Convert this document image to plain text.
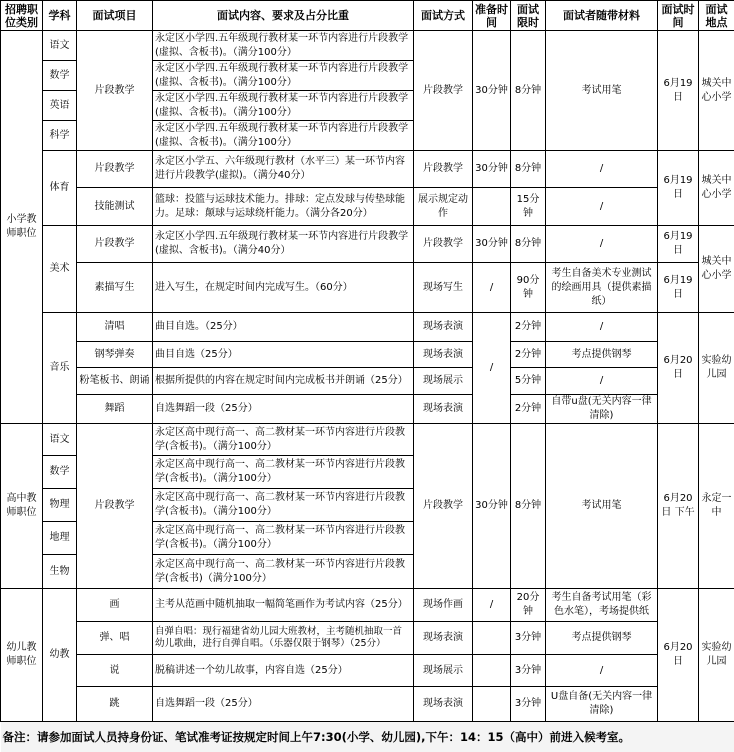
招聘职位类别	学科	面试项目	面试内容、要求及占分比重	面试方式	准备时间	面试限时	面试者随带材料	面试时间	面试地点
小学教师职位	语文	片段教学	永定区小学四.五年级现行教材某一环节内容进行片段教学(虚拟、含板书)。（满分100分）	片段教学	30分钟	8分钟	考试用笔	6月19日	城关中心小学
数学	永定区小学四.五年级现行教材某一环节内容进行片段教学(虚拟、含板书)。（满分100分）
英语	永定区小学四.五年级现行教材某一环节内容进行片段教学(虚拟、含板书)。（满分100分）
科学	永定区小学四.五年级现行教材某一环节内容进行片段教学(虚拟、含板书)。（满分100分）
体育	片段教学	永定区小学五、六年级现行教材（水平三）某一环节内容进行片段教学(虚拟)。（满分40分）	片段教学	30分钟	8分钟	/	6月19日	城关中心小学
技能测试	篮球：投篮与运球技术能力。排球：定点发球与传垫球能力。足球：颠球与运球绕杆能力。（满分各20分）	展示规定动作		15分钟	/
美术	片段教学	永定区小学四.五年级现行教材某一环节内容进行片段教学(虚拟、含板书)。（满分40分）	片段教学	30分钟	8分钟	/	6月19日	城关中心小学
素描写生	进入写生，在规定时间内完成写生。（60分）	现场写生	/	90分钟	考生自备美术专业测试的绘画用具（提供素描纸）	6月19日
音乐	清唱	曲目自选。（25分）	现场表演	/	2分钟	/	6月20日	实验幼儿园
钢琴弹奏	曲目自选（25分）	现场表演	2分钟	考点提供钢琴
粉笔板书、朗诵	根据所提供的内容在规定时间内完成板书并朗诵（25分）	现场展示	5分钟	/
舞蹈	自选舞蹈一段（25分）	现场表演	2分钟	自带u盘(无关内容一律清除)
高中教师职位	语文	片段教学	永定区高中现行高一、高二教材某一环节内容进行片段教学(含板书)。（满分100分）	片段教学	30分钟	8分钟	考试用笔	6月20日 下午	永定一中
数学	永定区高中现行高一、高二教材某一环节内容进行片段教学(含板书)。（满分100分）
物理	永定区高中现行高一、高二教材某一环节内容进行片段教学(含板书)。（满分100分）
地理	永定区高中现行高一、高二教材某一环节内容进行片段教学(含板书)。（满分100分）
生物	永定区高中现行高一、高二教材某一环节内容进行片段教学(含板书)（满分100分）
幼儿教师职位	幼教	画	主考从范画中随机抽取一幅简笔画作为考试内容（25分）	现场作画	/	20分钟	考生自备考试用笔（彩色水笔），考场提供纸	6月20日	实验幼儿园
弹、唱	自弹自唱：现行福建省幼儿园大班教材，主考随机抽取一首幼儿歌曲，进行自弹自唱。（乐器仅限于钢琴）（25分）	现场表演		3分钟	考点提供钢琴
说	脱稿讲述一个幼儿故事，内容自选（25分）	现场展示		3分钟	/
跳	自选舞蹈一段（25分）	现场表演		3分钟	U盘自备(无关内容一律清除)
备注：请参加面试人员持身份证、笔试准考证按规定时间上午7:30(小学、幼儿园),下午：14：15（高中）前进入候考室。
